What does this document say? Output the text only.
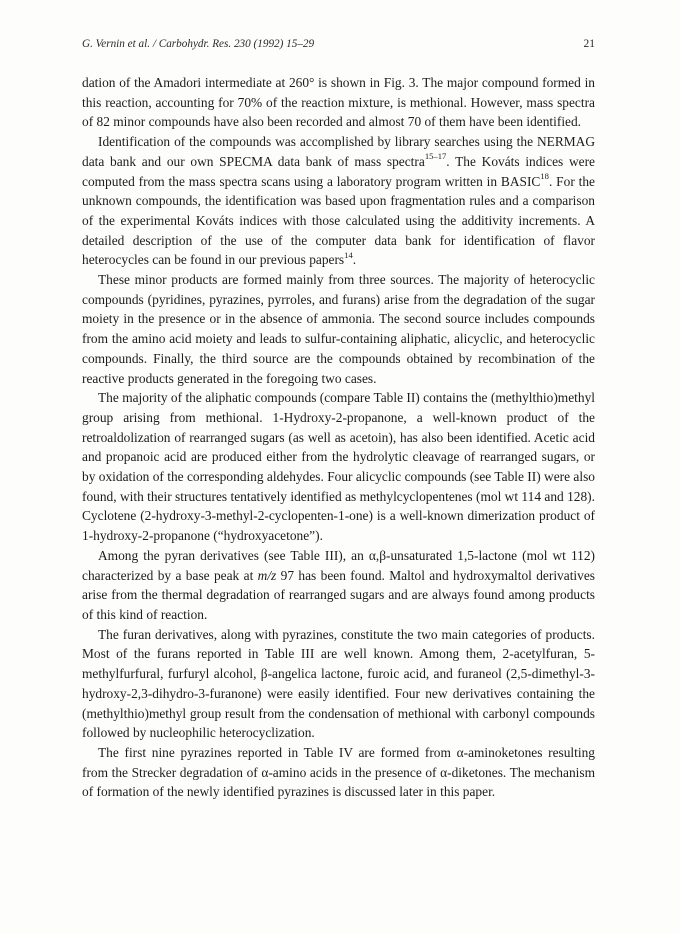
G. Vernin et al. / Carbohydr. Res. 230 (1992) 15–29	21

dation of the Amadori intermediate at 260° is shown in Fig. 3. The major compound formed in this reaction, accounting for 70% of the reaction mixture, is methional. However, mass spectra of 82 minor compounds have also been recorded and almost 70 of them have been identified.

Identification of the compounds was accomplished by library searches using the NERMAG data bank and our own SPECMA data bank of mass spectra$^{15-17}$. The Kováts indices were computed from the mass spectra scans using a laboratory program written in BASIC$^{18}$. For the unknown compounds, the identification was based upon fragmentation rules and a comparison of the experimental Kováts indices with those calculated using the additivity increments. A detailed description of the use of the computer data bank for identification of flavor heterocycles can be found in our previous papers$^{14}$.

These minor products are formed mainly from three sources. The majority of heterocyclic compounds (pyridines, pyrazines, pyrroles, and furans) arise from the degradation of the sugar moiety in the presence or in the absence of ammonia. The second source includes compounds from the amino acid moiety and leads to sulfur-containing aliphatic, alicyclic, and heterocyclic compounds. Finally, the third source are the compounds obtained by recombination of the reactive products generated in the foregoing two cases.

The majority of the aliphatic compounds (compare Table II) contains the (methylthio)methyl group arising from methional. 1-Hydroxy-2-propanone, a well-known product of the retroaldolization of rearranged sugars (as well as acetoin), has also been identified. Acetic acid and propanoic acid are produced either from the hydrolytic cleavage of rearranged sugars, or by oxidation of the corresponding aldehydes. Four alicyclic compounds (see Table II) were also found, with their structures tentatively identified as methylcyclopentenes (mol wt 114 and 128). Cyclotene (2-hydroxy-3-methyl-2-cyclopenten-1-one) is a well-known dimerization product of 1-hydroxy-2-propanone (“hydroxyacetone”).

Among the pyran derivatives (see Table III), an α,β-unsaturated 1,5-lactone (mol wt 112) characterized by a base peak at m/z 97 has been found. Maltol and hydroxymaltol derivatives arise from the thermal degradation of rearranged sugars and are always found among products of this kind of reaction.

The furan derivatives, along with pyrazines, constitute the two main categories of products. Most of the furans reported in Table III are well known. Among them, 2-acetylfuran, 5-methylfurfural, furfuryl alcohol, β-angelica lactone, furoic acid, and furaneol (2,5-dimethyl-3-hydroxy-2,3-dihydro-3-furanone) were easily identified. Four new derivatives containing the (methylthio)methyl group result from the condensation of methional with carbonyl compounds followed by nucleophilic heterocyclization.

The first nine pyrazines reported in Table IV are formed from α-aminoketones resulting from the Strecker degradation of α-amino acids in the presence of α-diketones. The mechanism of formation of the newly identified pyrazines is discussed later in this paper.
